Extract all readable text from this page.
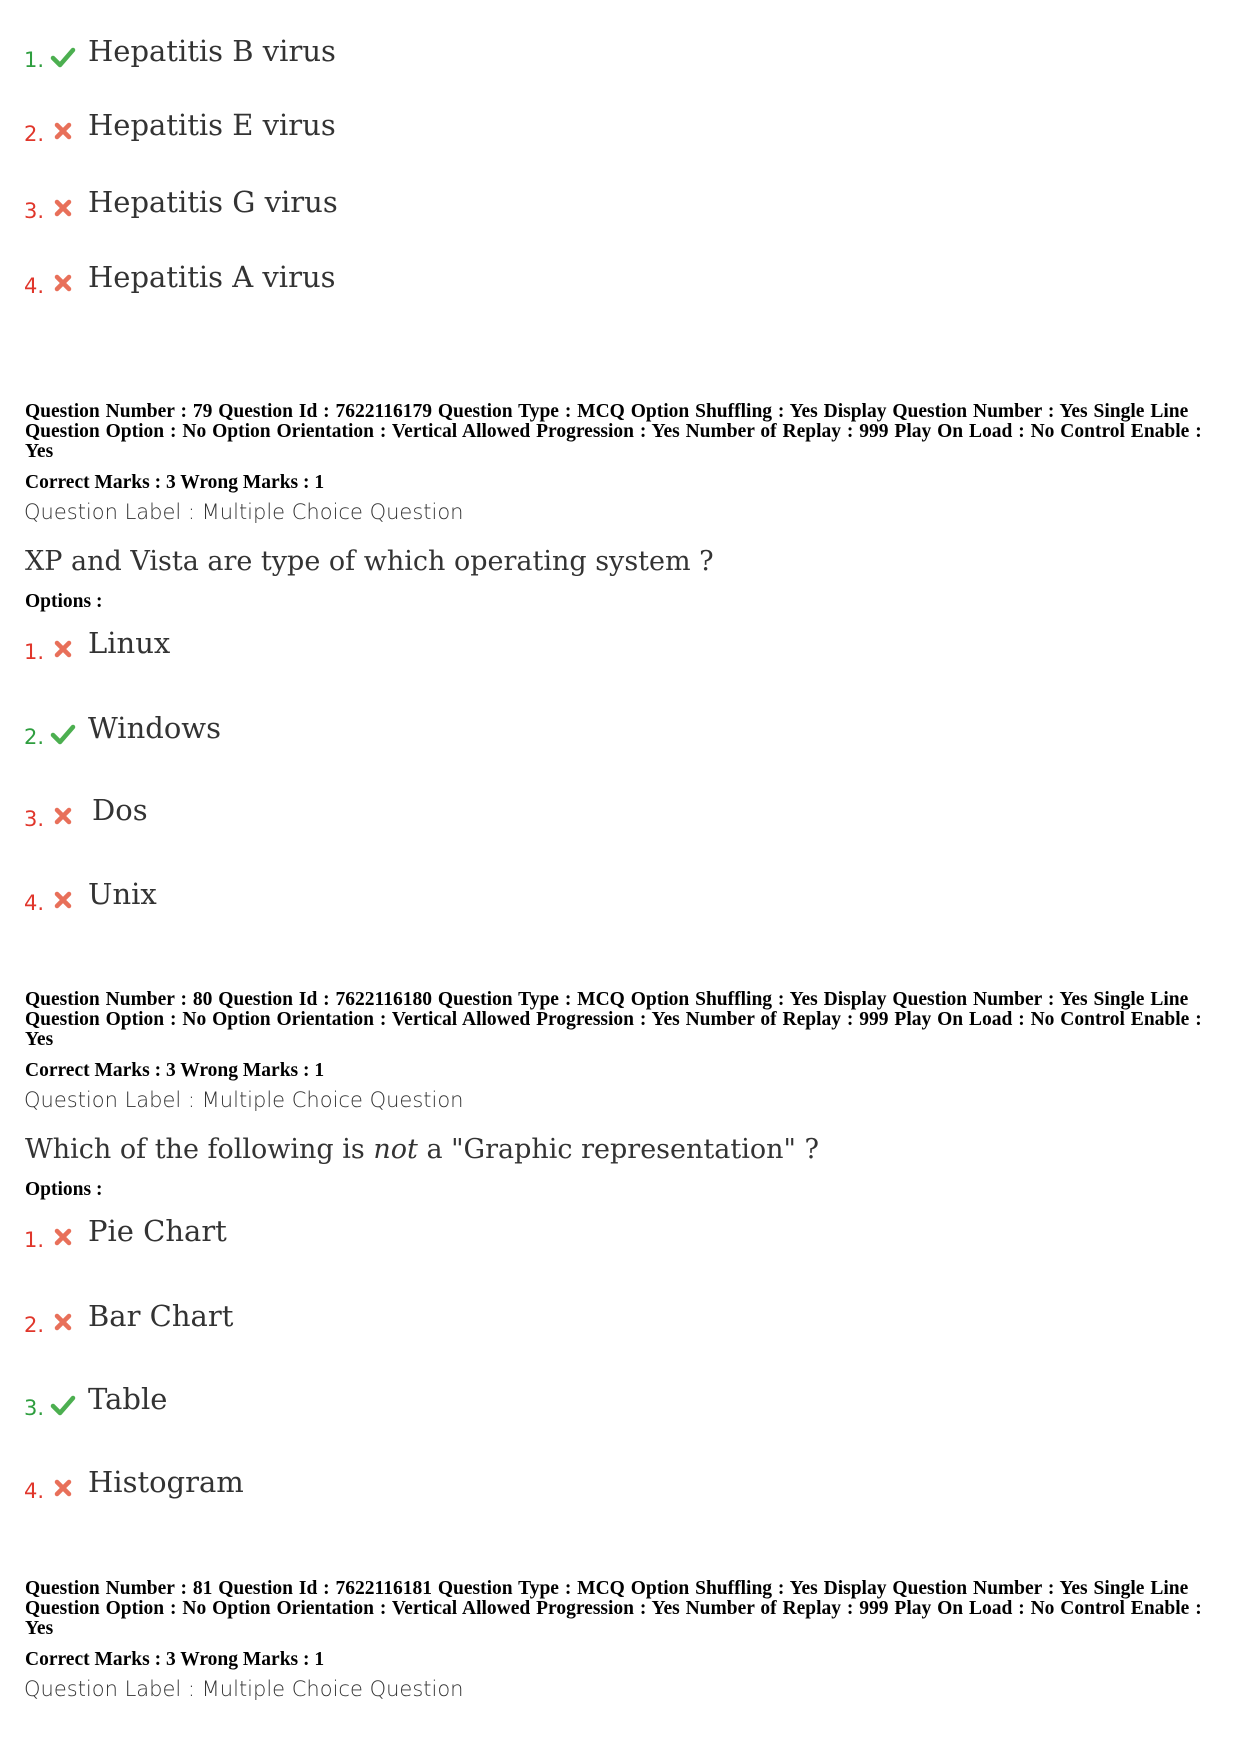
1. Hepatitis B virus
2. Hepatitis E virus
3. Hepatitis G virus
4. Hepatitis A virus
Question Number : 79 Question Id : 7622116179 Question Type : MCQ Option Shuffling : Yes Display Question Number : Yes Single Line Question Option : No Option Orientation : Vertical Allowed Progression : Yes Number of Replay : 999 Play On Load : No Control Enable : Yes
Correct Marks : 3 Wrong Marks : 1
Question Label : Multiple Choice Question
XP and Vista are type of which operating system ?
Options :
1. Linux
2. Windows
3. Dos
4. Unix
Question Number : 80 Question Id : 7622116180 Question Type : MCQ Option Shuffling : Yes Display Question Number : Yes Single Line Question Option : No Option Orientation : Vertical Allowed Progression : Yes Number of Replay : 999 Play On Load : No Control Enable : Yes
Correct Marks : 3 Wrong Marks : 1
Question Label : Multiple Choice Question
Which of the following is not a "Graphic representation" ?
Options :
1. Pie Chart
2. Bar Chart
3. Table
4. Histogram
Question Number : 81 Question Id : 7622116181 Question Type : MCQ Option Shuffling : Yes Display Question Number : Yes Single Line Question Option : No Option Orientation : Vertical Allowed Progression : Yes Number of Replay : 999 Play On Load : No Control Enable : Yes
Correct Marks : 3 Wrong Marks : 1
Question Label : Multiple Choice Question
